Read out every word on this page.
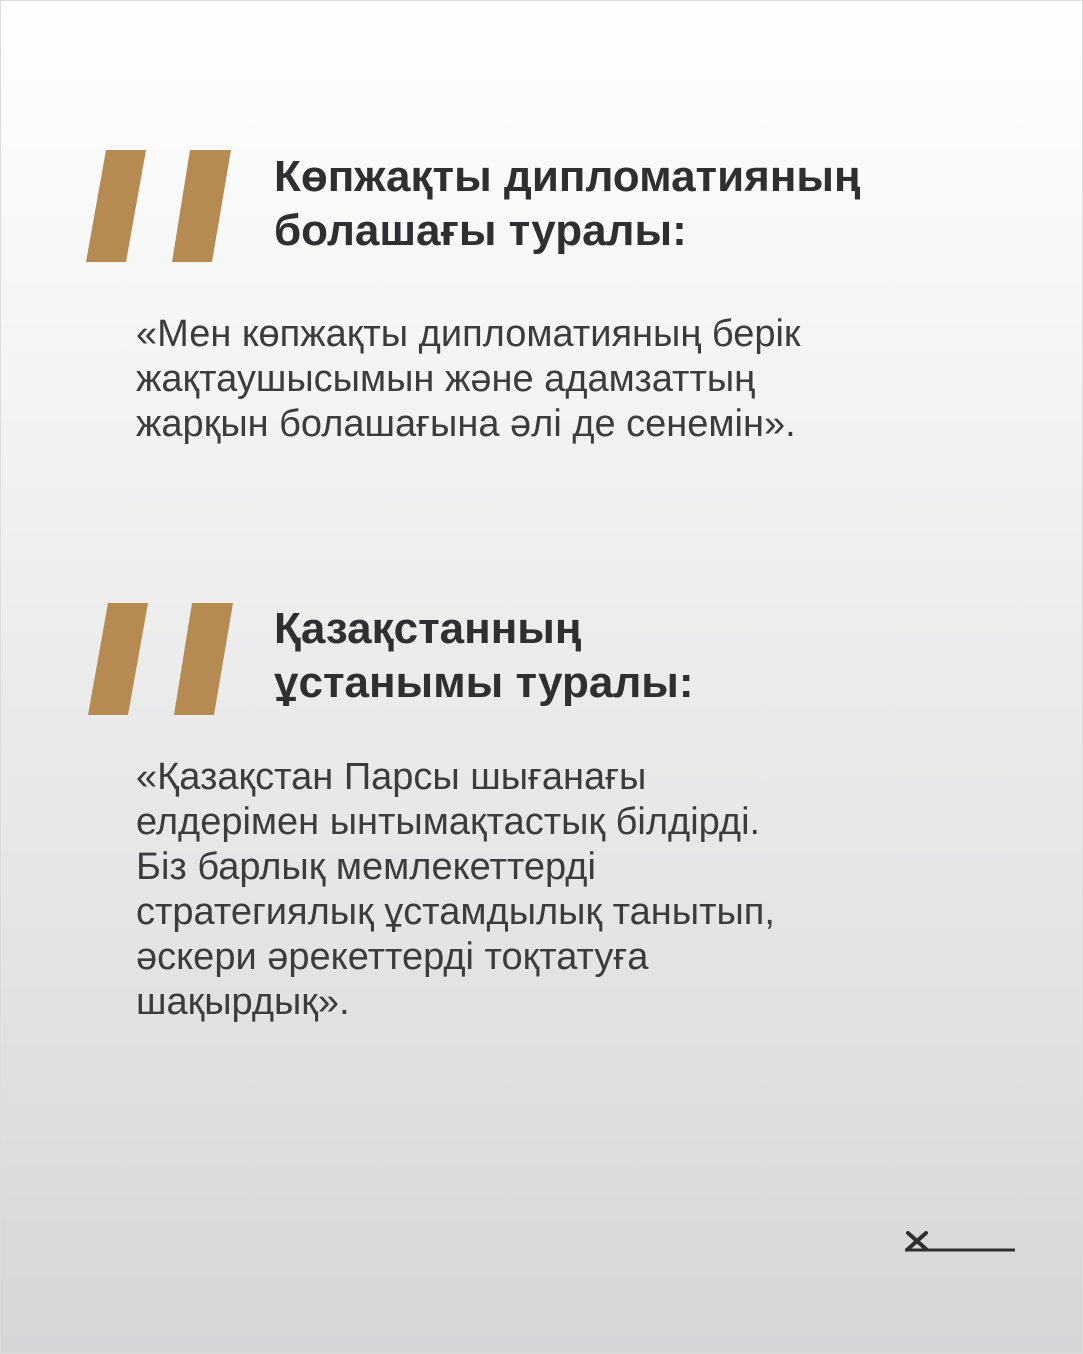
Көпжақты дипломатияның
болашағы туралы:

«Мен көпжақты дипломатияның берік
жақтаушысымын және адамзаттың
жарқын болашағына әлі де сенемін».

Қазақстанның
ұстанымы туралы:

«Қазақстан Парсы шығанағы
елдерімен ынтымақтастық білдірді.
Біз барлық мемлекеттерді
стратегиялық ұстамдылық танытып,
әскери әрекеттерді тоқтатуға
шақырдық».
